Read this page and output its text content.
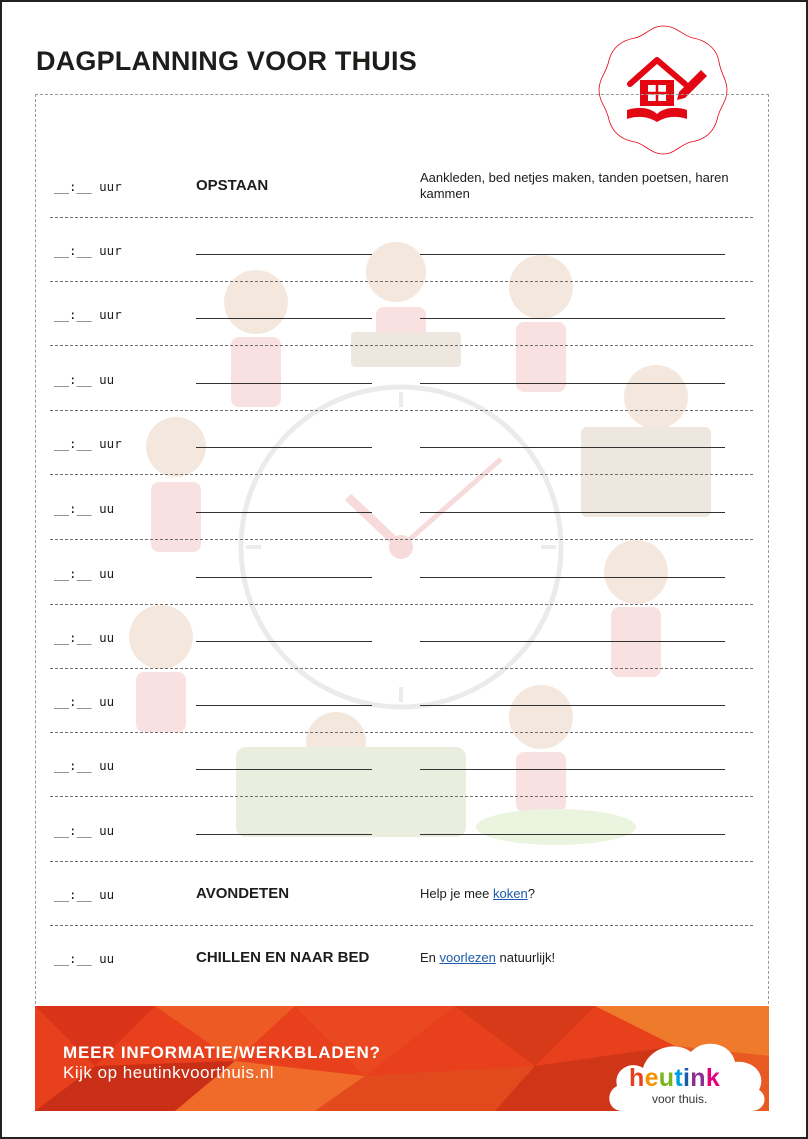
DAGPLANNING VOOR THUIS
__:__ uur	OPSTAAN	Aankleden, bed netjes maken, tanden poetsen, haren kammen
__:__ uur
__:__ uur
__:__ uu
__:__ uur
__:__ uu
__:__ uu
__:__ uu
__:__ uu
__:__ uu
__:__ uu
__:__ uu	AVONDETEN	Help je mee koken?
__:__ uu	CHILLEN EN NAAR BED	En voorlezen natuurlijk!
MEER INFORMATIE/WERKBLADEN?
Kijk op heutinkvoorthuis.nl	heutink
voor thuis.
